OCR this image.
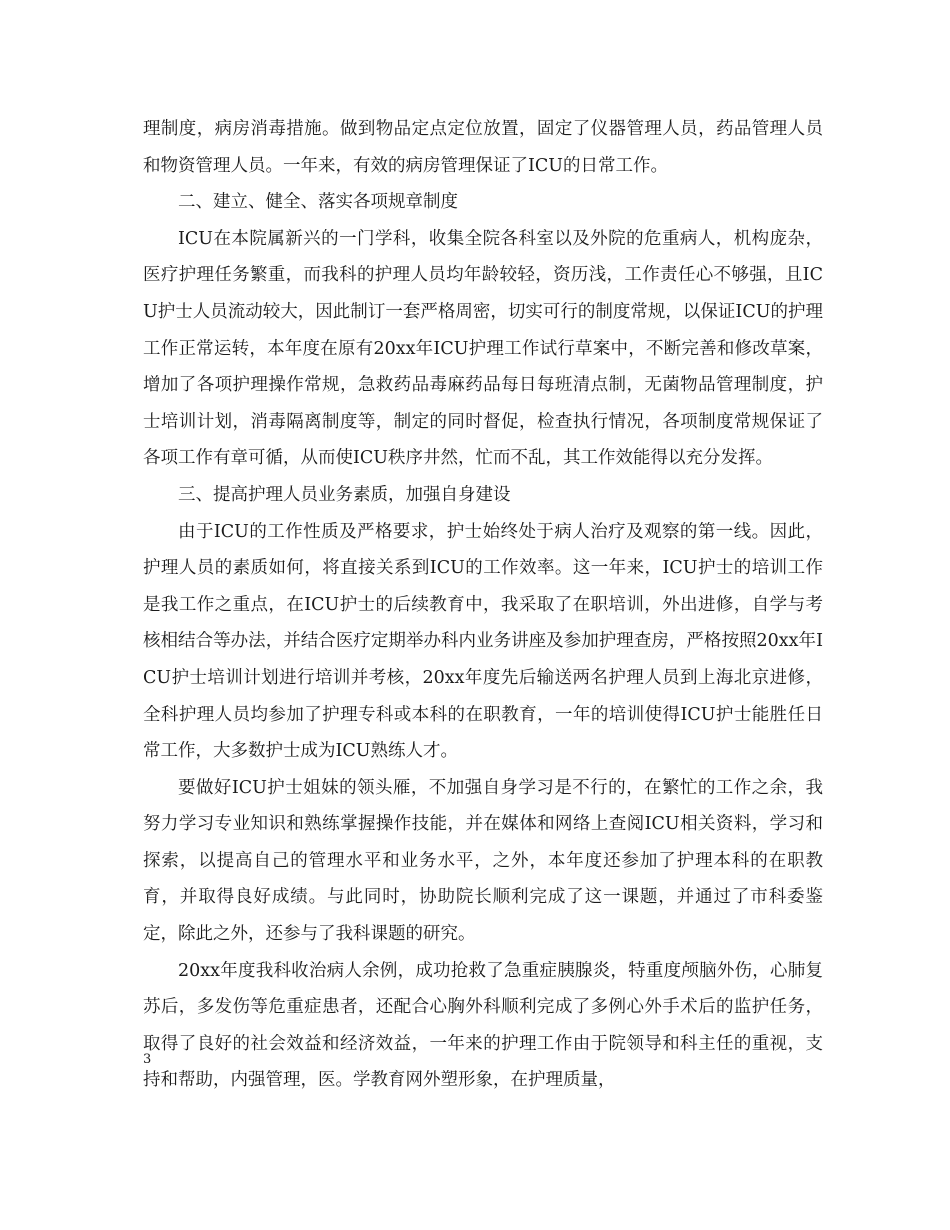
理制度，病房消毒措施。做到物品定点定位放置，固定了仪器管理人员，药品管理人员和物资管理人员。一年来，有效的病房管理保证了ICU的日常工作。

二、建立、健全、落实各项规章制度

ICU在本院属新兴的一门学科，收集全院各科室以及外院的危重病人，机构庞杂，医疗护理任务繁重，而我科的护理人员均年龄较轻，资历浅，工作责任心不够强，且ICU护士人员流动较大，因此制订一套严格周密，切实可行的制度常规，以保证ICU的护理工作正常运转，本年度在原有20xx年ICU护理工作试行草案中，不断完善和修改草案，增加了各项护理操作常规，急救药品毒麻药品每日每班清点制，无菌物品管理制度，护士培训计划，消毒隔离制度等，制定的同时督促，检查执行情况，各项制度常规保证了各项工作有章可循，从而使ICU秩序井然，忙而不乱，其工作效能得以充分发挥。

三、提高护理人员业务素质，加强自身建设

由于ICU的工作性质及严格要求，护士始终处于病人治疗及观察的第一线。因此，护理人员的素质如何，将直接关系到ICU的工作效率。这一年来，ICU护士的培训工作是我工作之重点，在ICU护士的后续教育中，我采取了在职培训，外出进修，自学与考核相结合等办法，并结合医疗定期举办科内业务讲座及参加护理查房，严格按照20xx年ICU护士培训计划进行培训并考核，20xx年度先后输送两名护理人员到上海北京进修，全科护理人员均参加了护理专科或本科的在职教育，一年的培训使得ICU护士能胜任日常工作，大多数护士成为ICU熟练人才。

要做好ICU护士姐妹的领头雁，不加强自身学习是不行的，在繁忙的工作之余，我努力学习专业知识和熟练掌握操作技能，并在媒体和网络上查阅ICU相关资料，学习和探索，以提高自己的管理水平和业务水平，之外，本年度还参加了护理本科的在职教育，并取得良好成绩。与此同时，协助院长顺利完成了这一课题，并通过了市科委鉴定，除此之外，还参与了我科课题的研究。

20xx年度我科收治病人余例，成功抢救了急重症胰腺炎，特重度颅脑外伤，心肺复苏后，多发伤等危重症患者，还配合心胸外科顺利完成了多例心外手术后的监护任务，取得了良好的社会效益和经济效益，一年来的护理工作由于院领导和科主任的重视，支持和帮助，内强管理，医。学教育网外塑形象，在护理质量，

3
